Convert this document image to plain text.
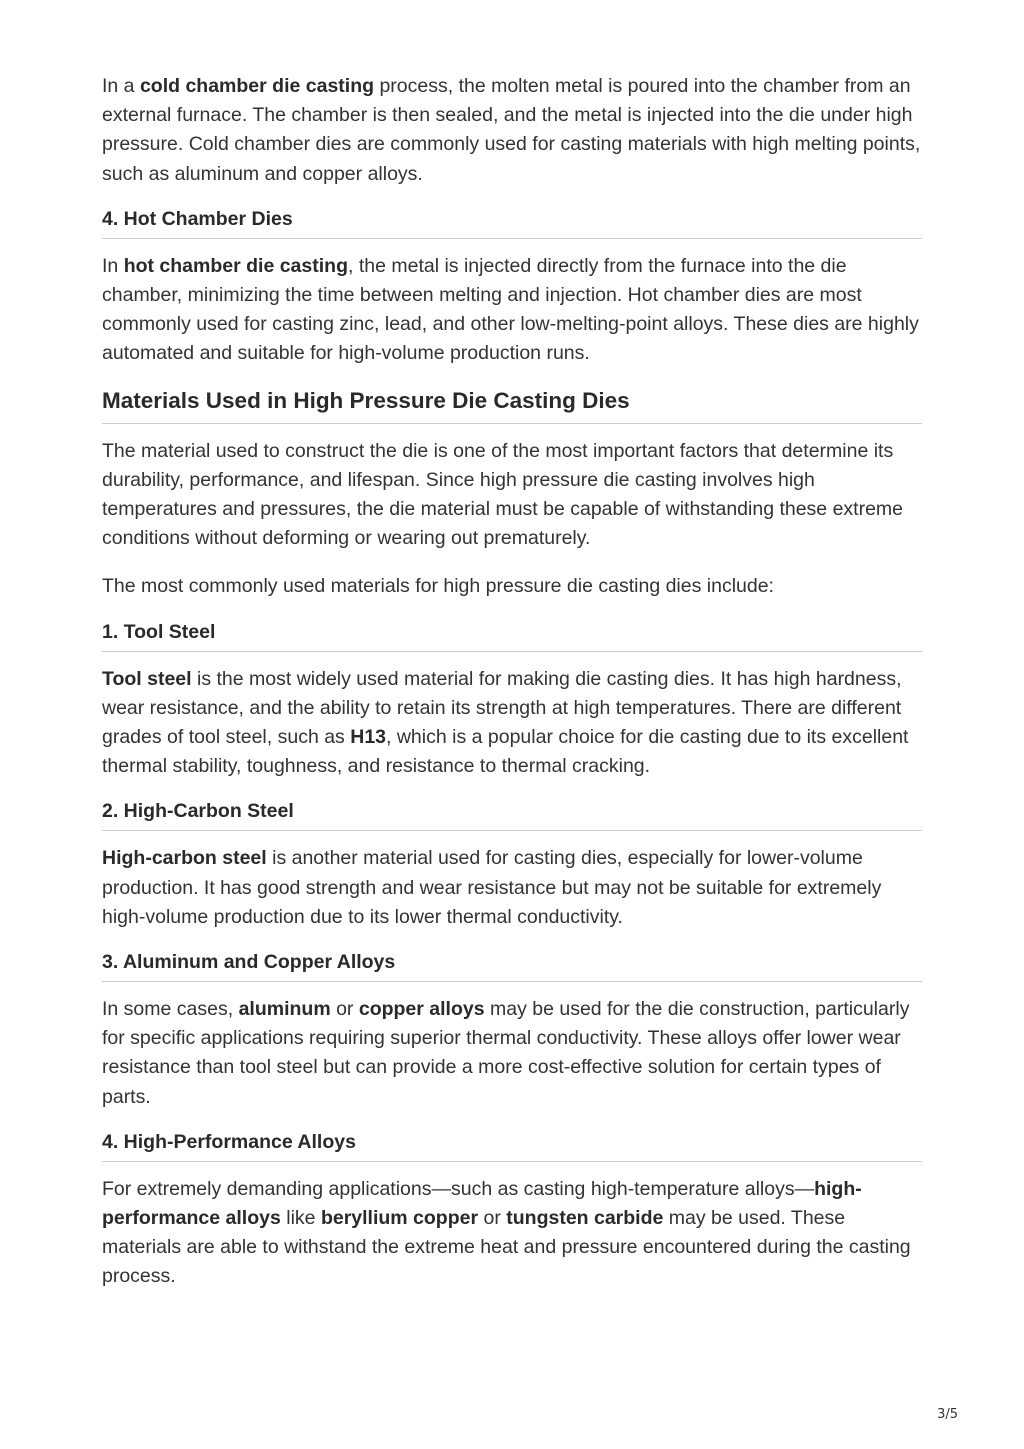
In a cold chamber die casting process, the molten metal is poured into the chamber from an external furnace. The chamber is then sealed, and the metal is injected into the die under high pressure. Cold chamber dies are commonly used for casting materials with high melting points, such as aluminum and copper alloys.

4. Hot Chamber Dies

In hot chamber die casting, the metal is injected directly from the furnace into the die chamber, minimizing the time between melting and injection. Hot chamber dies are most commonly used for casting zinc, lead, and other low-melting-point alloys. These dies are highly automated and suitable for high-volume production runs.

Materials Used in High Pressure Die Casting Dies

The material used to construct the die is one of the most important factors that determine its durability, performance, and lifespan. Since high pressure die casting involves high temperatures and pressures, the die material must be capable of withstanding these extreme conditions without deforming or wearing out prematurely.

The most commonly used materials for high pressure die casting dies include:

1. Tool Steel

Tool steel is the most widely used material for making die casting dies. It has high hardness, wear resistance, and the ability to retain its strength at high temperatures. There are different grades of tool steel, such as H13, which is a popular choice for die casting due to its excellent thermal stability, toughness, and resistance to thermal cracking.

2. High-Carbon Steel

High-carbon steel is another material used for casting dies, especially for lower-volume production. It has good strength and wear resistance but may not be suitable for extremely high-volume production due to its lower thermal conductivity.

3. Aluminum and Copper Alloys

In some cases, aluminum or copper alloys may be used for the die construction, particularly for specific applications requiring superior thermal conductivity. These alloys offer lower wear resistance than tool steel but can provide a more cost-effective solution for certain types of parts.

4. High-Performance Alloys

For extremely demanding applications—such as casting high-temperature alloys—high-performance alloys like beryllium copper or tungsten carbide may be used. These materials are able to withstand the extreme heat and pressure encountered during the casting process.

3/5
